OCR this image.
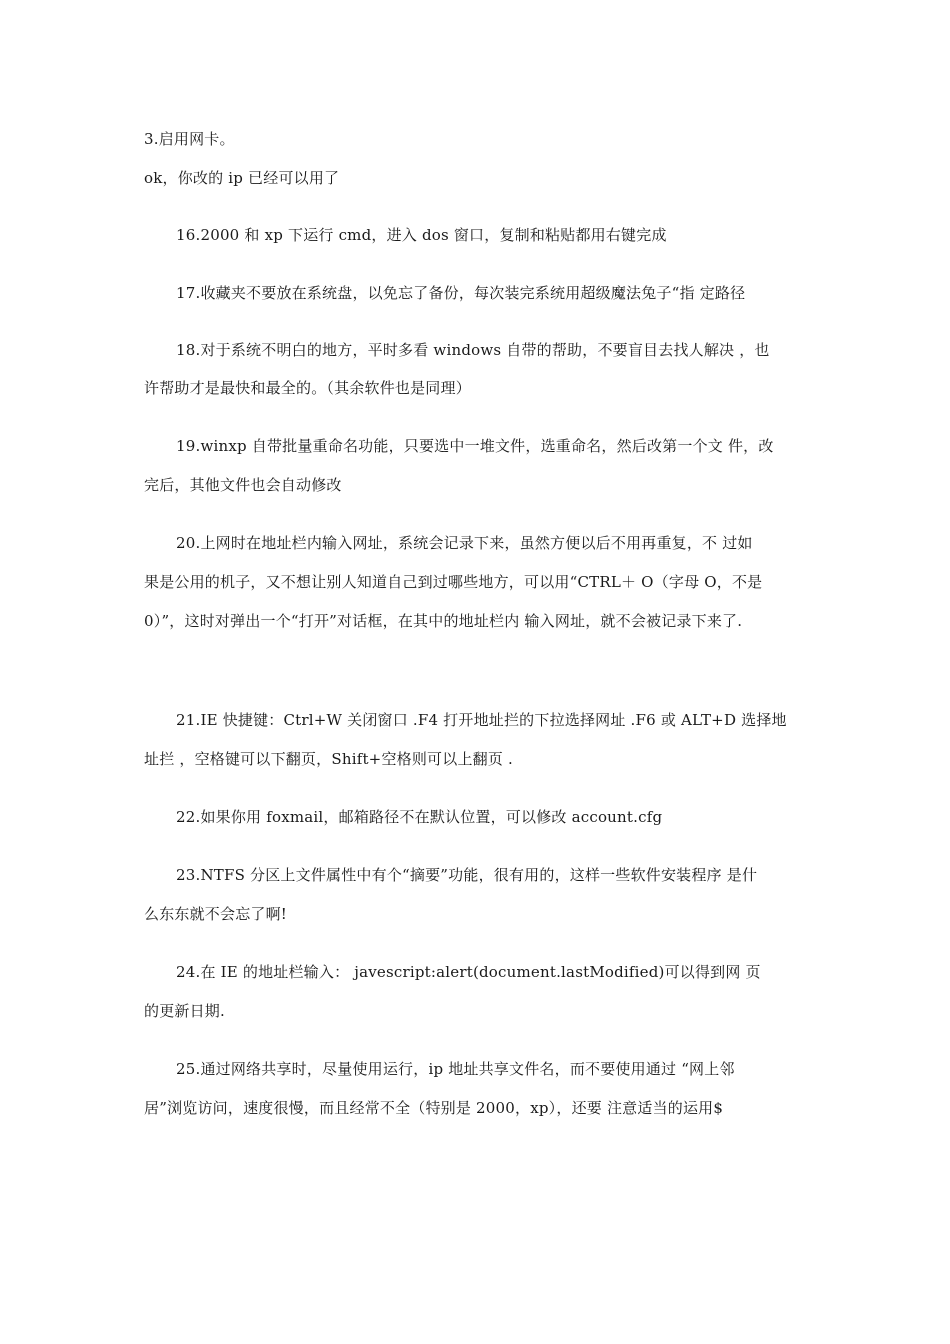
3.启用网卡。
ok，你改的 ip 已经可以用了
16.2000 和 xp 下运行 cmd，进入 dos 窗口，复制和粘贴都用右键完成
17.收藏夹不要放在系统盘，以免忘了备份，每次装完系统用超级魔法兔子“指 定路径
18.对于系统不明白的地方，平时多看 windows 自带的帮助，不要盲目去找人解决 ，也
许帮助才是最快和最全的。（其余软件也是同理）
19.winxp 自带批量重命名功能，只要选中一堆文件，选重命名，然后改第一个文 件，改
完后，其他文件也会自动修改
20.上网时在地址栏内输入网址，系统会记录下来，虽然方便以后不用再重复，不 过如
果是公用的机子，又不想让别人知道自己到过哪些地方，可以用“CTRL＋ O（字母 O，不是
0）”，这时对弹出一个“打开”对话框，在其中的地址栏内 输入网址，就不会被记录下来了.
21.IE 快捷键：Ctrl+W 关闭窗口 .F4 打开地址拦的下拉选择网址 .F6 或 ALT+D 选择地
址拦 ，空格键可以下翻页，Shift+空格则可以上翻页 .
22.如果你用 foxmail，邮箱路径不在默认位置，可以修改 account.cfg
23.NTFS 分区上文件属性中有个“摘要”功能，很有用的，这样一些软件安装程序 是什
么东东就不会忘了啊!
24.在 IE 的地址栏输入： javescript:alert(document.lastModified)可以得到网 页
的更新日期.
25.通过网络共享时，尽量使用运行，ip 地址共享文件名，而不要使用通过 “网上邻
居”浏览访问，速度很慢，而且经常不全（特别是 2000，xp），还要 注意适当的运用$
